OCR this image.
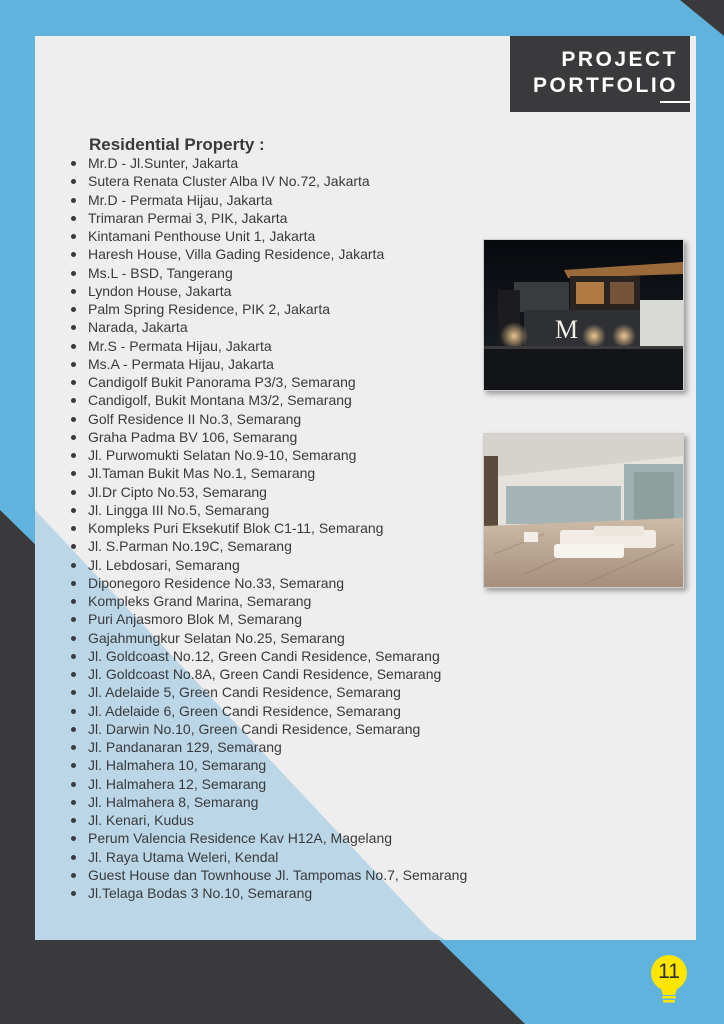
PROJECT
PORTFOLIO
Residential Property :
Mr.D - Jl.Sunter, Jakarta
Sutera Renata Cluster Alba IV No.72, Jakarta
Mr.D - Permata Hijau, Jakarta
Trimaran Permai 3, PIK, Jakarta
Kintamani Penthouse Unit 1, Jakarta
Haresh House, Villa Gading Residence, Jakarta
Ms.L - BSD, Tangerang
Lyndon House, Jakarta
Palm Spring Residence, PIK 2, Jakarta
Narada, Jakarta
Mr.S - Permata Hijau, Jakarta
Ms.A - Permata Hijau, Jakarta
Candigolf Bukit Panorama P3/3, Semarang
Candigolf, Bukit Montana M3/2, Semarang
Golf Residence II No.3, Semarang
Graha Padma BV 106, Semarang
Jl. Purwomukti Selatan No.9-10, Semarang
Jl.Taman Bukit Mas No.1, Semarang
Jl.Dr Cipto No.53, Semarang
Jl. Lingga III No.5, Semarang
Kompleks Puri Eksekutif Blok C1-11, Semarang
Jl. S.Parman No.19C, Semarang
Jl. Lebdosari, Semarang
Diponegoro Residence No.33, Semarang
Kompleks Grand Marina, Semarang
Puri Anjasmoro Blok M, Semarang
Gajahmungkur Selatan No.25, Semarang
Jl. Goldcoast No.12, Green Candi Residence, Semarang
Jl. Goldcoast No.8A, Green Candi Residence, Semarang
Jl. Adelaide 5, Green Candi Residence, Semarang
Jl. Adelaide 6, Green Candi Residence, Semarang
Jl. Darwin No.10, Green Candi Residence, Semarang
Jl. Pandanaran 129, Semarang
Jl. Halmahera 10, Semarang
Jl. Halmahera 12, Semarang
Jl. Halmahera 8, Semarang
Jl. Kenari, Kudus
Perum Valencia Residence Kav H12A, Magelang
Jl. Raya Utama Weleri, Kendal
Guest House dan Townhouse Jl. Tampomas No.7, Semarang
Jl.Telaga Bodas 3 No.10, Semarang
M
11
